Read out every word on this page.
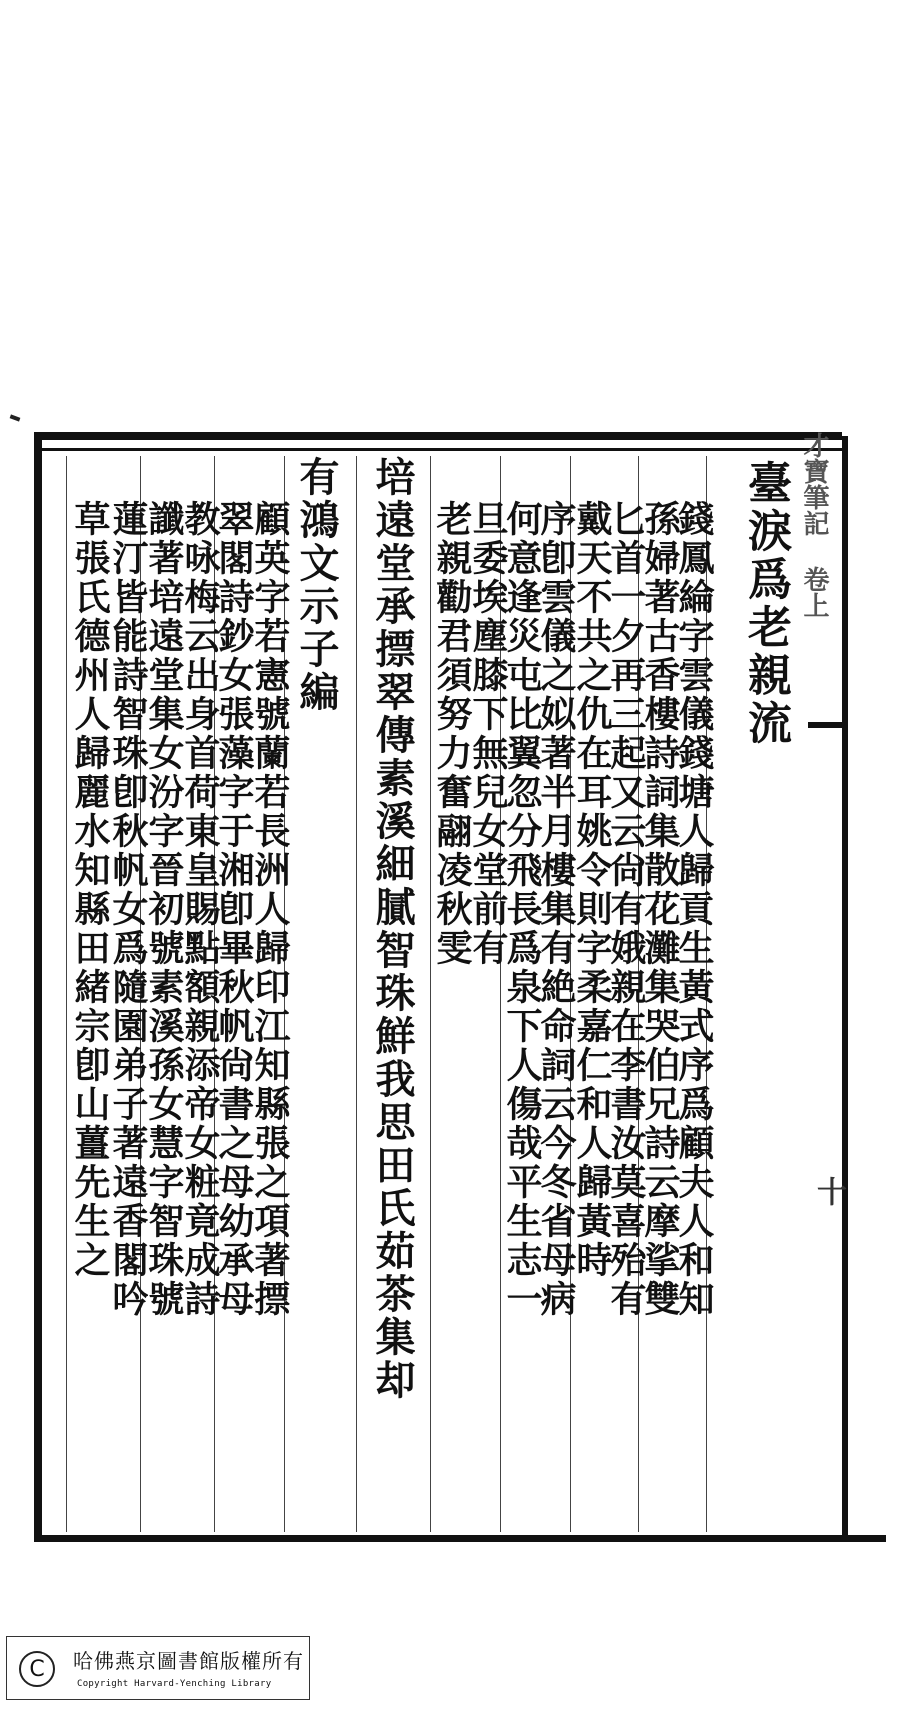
才寶筆記 卷上
十
臺淚爲老親流
錢鳳綸字雲儀錢塘人歸貢生黃式序爲顧夫人和知
孫婦著古香樓詩詞集散花灘集哭伯兄詩云摩挲雙
匕首一夕再三起又云尙有娥親在李書汝莫喜殆有
戴天不共之仇在耳姚令則字柔嘉仁和人歸黃時
序卽雲儀之姒著半月樓集有絶命詞云今冬省母病
何意逢災屯比翼忽分飛長爲泉下人傷哉平生志一
旦委埃塵膝下無兒女堂前有
老親勸君須努力奮翮凌秋雯
培遠堂承摽翠傳素溪細膩智珠鮮我思田氏茹茶集却
有鴻文示子編
顧英字若憲號蘭若長洲人歸印江知縣張之項著摽
翠閣詩鈔女張藻字于湘卽畢秋帆尙書之母幼承母
教咏梅云出身首荷東皇賜點額親添帝女粧竟成詩
讖著培遠堂集女汾字晉初號素溪孫女慧字智珠號
蓮汀皆能詩智珠卽秋帆女爲隨園弟子著遠香閣吟
草張氏德州人歸麗水知縣田緒宗卽山薑先生之
C	哈佛燕京圖書館版權所有
Copyright Harvard-Yenching Library
